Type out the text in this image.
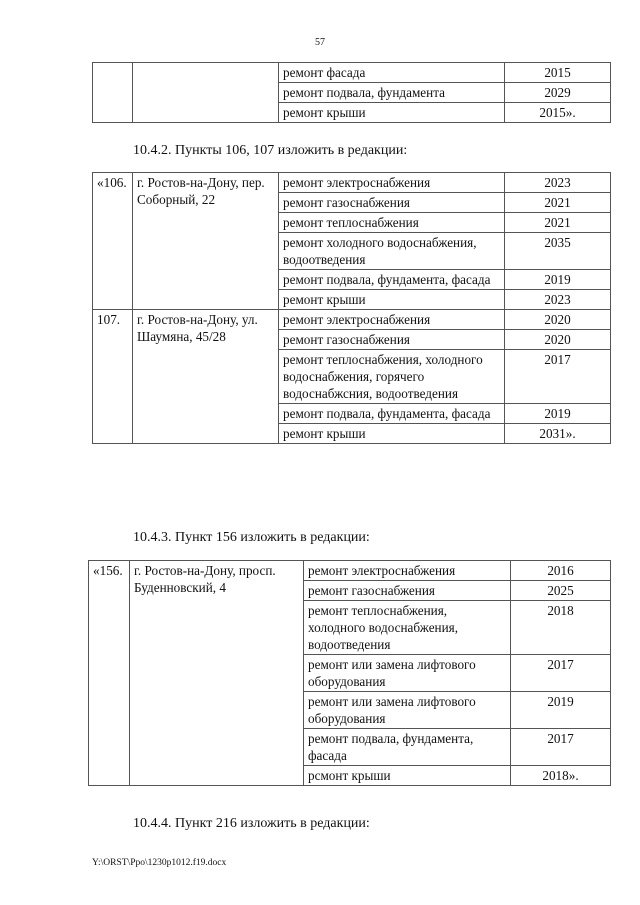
57
		ремонт фасада	2015
		ремонт подвала, фундамента	2029
		ремонт крыши	2015».
10.4.2. Пункты 106, 107 изложить в редакции:
«106.	г. Ростов-на-Дону, пер. Соборный, 22	ремонт электроснабжения	2023
		ремонт газоснабжения	2021
		ремонт теплоснабжения	2021
		ремонт холодного водоснабжения, водоотведения	2035
		ремонт подвала, фундамента, фасада	2019
		ремонт крыши	2023
107.	г. Ростов-на-Дону, ул. Шаумяна, 45/28	ремонт электроснабжения	2020
		ремонт газоснабжения	2020
		ремонт теплоснабжения, холодного водоснабжения, горячего водоснабжсния, водоотведения	2017
		ремонт подвала, фундамента, фасада	2019
		ремонт крыши	2031».
10.4.3. Пункт 156 изложить в редакции:
«156.	г. Ростов-на-Дону, просп. Буденновский, 4	ремонт электроснабжения	2016
		ремонт газоснабжения	2025
		ремонт теплоснабжения, холодного водоснабжения, водоотведения	2018
		ремонт или замена лифтового оборудования	2017
		ремонт или замена лифтового оборудования	2019
		ремонт подвала, фундамента, фасада	2017
		рсмонт крыши	2018».
10.4.4. Пункт 216 изложить в редакции:
Y:\ORST\Ppo\1230p1012.f19.docx
